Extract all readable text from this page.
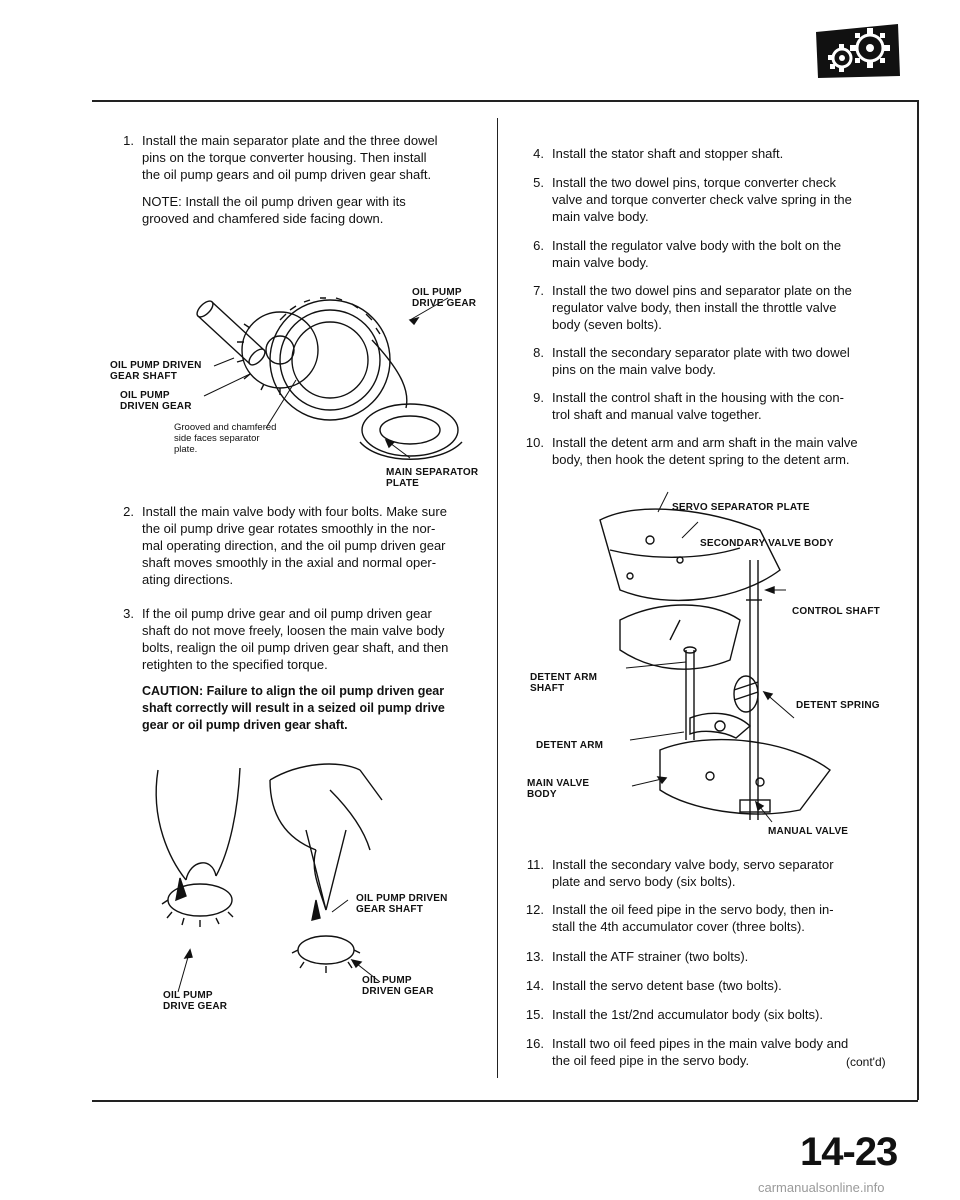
1. Install the main separator plate and the three dowel
pins on the torque converter housing. Then install
the oil pump gears and oil pump driven gear shaft.
NOTE: Install the oil pump driven gear with its
grooved and chamfered side facing down.
OIL PUMP
DRIVE GEAR
OIL PUMP DRIVEN
GEAR SHAFT
OIL PUMP
DRIVEN GEAR
Grooved and chamfered
side faces separator
plate.
MAIN SEPARATOR
PLATE
2. Install the main valve body with four bolts. Make sure
the oil pump drive gear rotates smoothly in the nor-
mal operating direction, and the oil pump driven gear
shaft moves smoothly in the axial and normal oper-
ating directions.
3. If the oil pump drive gear and oil pump driven gear
shaft do not move freely, loosen the main valve body
bolts, realign the oil pump driven gear shaft, and then
retighten to the specified torque.
CAUTION: Failure to align the oil pump driven gear
shaft correctly will result in a seized oil pump drive
gear or oil pump driven gear shaft.
OIL PUMP
DRIVE GEAR
OIL PUMP DRIVEN
GEAR SHAFT
OIL PUMP
DRIVEN GEAR
4. Install the stator shaft and stopper shaft.
5. Install the two dowel pins, torque converter check
valve and torque converter check valve spring in the
main valve body.
6. Install the regulator valve body with the bolt on the
main valve body.
7. Install the two dowel pins and separator plate on the
regulator valve body, then install the throttle valve
body (seven bolts).
8. Install the secondary separator plate with two dowel
pins on the main valve body.
9. Install the control shaft in the housing with the con-
trol shaft and manual valve together.
10. Install the detent arm and arm shaft in the main valve
body, then hook the detent spring to the detent arm.
SERVO SEPARATOR PLATE
SECONDARY VALVE BODY
CONTROL SHAFT
DETENT ARM
SHAFT
DETENT SPRING
DETENT ARM
MAIN VALVE
BODY
MANUAL VALVE
11. Install the secondary valve body, servo separator
plate and servo body (six bolts).
12. Install the oil feed pipe in the servo body, then in-
stall the 4th accumulator cover (three bolts).
13. Install the ATF strainer (two bolts).
14. Install the servo detent base (two bolts).
15. Install the 1st/2nd accumulator body (six bolts).
16. Install two oil feed pipes in the main valve body and
the oil feed pipe in the servo body.	(cont'd)
14-23
carmanualsonline.info
